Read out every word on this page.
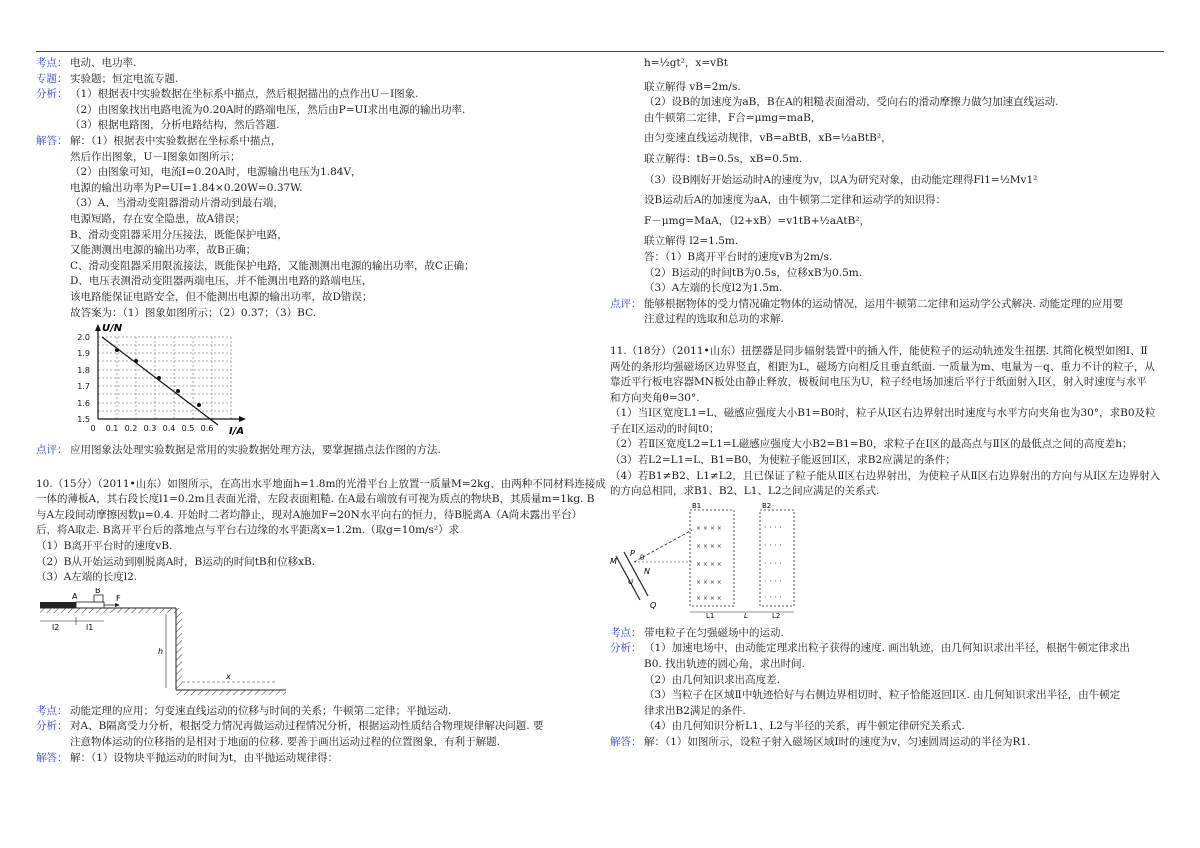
考点： 电动、电功率.
专题： 实验题；恒定电流专题.
分析： （1）根据表中实验数据在坐标系中描点，然后根据描出的点作出U－I图象.
（2）由图象找出电路电流为0.20A时的路端电压，然后由P=UI求出电源的输出功率.
（3）根据电路图，分析电路结构，然后答题.
解答： 解：（1）根据表中实验数据在坐标系中描点，
然后作出图象，U－I图象如图所示；
（2）由图象可知，电流I=0.20A时，电源输出电压为1.84V，
电源的输出功率为P=UI=1.84×0.20W=0.37W.
（3）A、当滑动变阻器滑动片滑动到最右端，
电源短路，存在安全隐患，故A错误；
B、滑动变阻器采用分压接法，既能保护电路，
又能测测出电源的输出功率，故B正确；
C、滑动变阻器采用限流接法，既能保护电路，又能测测出电源的输出功率，故C正确；
D、电压表测滑动变阻器两端电压，并不能测出电路的路端电压，
该电路能保证电路安全，但不能测出电源的输出功率，故D错误；
故答案为：（1）图象如图所示；（2）0.37；（3）BC.
U/N
I/A
2.0
1.9
1.8
1.7
1.6
1.5
0 0.1 0.2 0.3 0.4 0.5 0.6
点评： 应用图象法处理实验数据是常用的实验数据处理方法，要掌握描点法作图的方法.
10.（15分）（2011•山东）如图所示，在高出水平地面h=1.8m的光滑平台上放置一质量M=2kg、由两种不同材料连接成
一体的薄板A，其右段长度l1=0.2m且表面光滑，左段表面粗糙. 在A最右端放有可视为质点的物块B，其质量m=1kg. B
与A左段间动摩擦因数μ=0.4. 开始时二者均静止，现对A施加F=20N水平向右的恒力，待B脱离A（A尚未露出平台）
后，将A取走. B离开平台后的落地点与平台右边缘的水平距离x=1.2m.（取g=10m/s²）求
（1）B离开平台时的速度vB.
（2）B从开始运动到刚脱离A时，B运动的时间tB和位移xB.
（3）A左端的长度l2.
B
A	F
l2	l1
h
x
考点： 动能定理的应用；匀变速直线运动的位移与时间的关系；牛顿第二定律；平抛运动.
分析： 对A、B隔离受力分析，根据受力情况再做运动过程情况分析，根据运动性质结合物理规律解决问题. 要
注意物体运动的位移指的是相对于地面的位移. 要善于画出运动过程的位置图象，有利于解题.
解答： 解：（1）设物块平抛运动的时间为t，由平抛运动规律得：
h=½gt²，x=vBt
联立解得 vB=2m/s.
（2）设B的加速度为aB，B在A的粗糙表面滑动，受向右的滑动摩擦力做匀加速直线运动.
由牛顿第二定律，F合=μmg=maB，
由匀变速直线运动规律，vB=aBtB，xB=½aBtB²，
联立解得：tB=0.5s，xB=0.5m.
（3）设B刚好开始运动时A的速度为v，以A为研究对象，由动能定理得Fl1=½Mv1²
设B运动后A的加速度为aA，由牛顿第二定律和运动学的知识得：
F－μmg=MaA，（l2+xB）=v1tB+½aAtB²，
联立解得 l2=1.5m.
答：（1）B离开平台时的速度vB为2m/s.
（2）B运动的时间tB为0.5s，位移xB为0.5m.
（3）A左端的长度l2为1.5m.
点评： 能够根据物体的受力情况确定物体的运动情况，运用牛顿第二定律和运动学公式解决. 动能定理的应用要
注意过程的选取和总功的求解.
11.（18分）（2011•山东）扭摆器是同步辐射装置中的插入件，能使粒子的运动轨迹发生扭摆. 其简化模型如图Ⅰ、Ⅱ
两处的条形均强磁场区边界竖直，相距为L，磁场方向相反且垂直纸面. 一质量为m、电量为－q、重力不计的粒子，从
靠近平行板电容器MN板处由静止释放，极板间电压为U，粒子经电场加速后平行于纸面射入Ⅰ区，射入时速度与水平
和方向夹角θ=30°.
（1）当Ⅰ区宽度L1=L、磁感应强度大小B1=B0时，粒子从Ⅰ区右边界射出时速度与水平方向夹角也为30°，求B0及粒
子在Ⅰ区运动的时间t0；
（2）若Ⅱ区宽度L2=L1=L磁感应强度大小B2=B1=B0，求粒子在Ⅰ区的最高点与Ⅱ区的最低点之间的高度差h；
（3）若L2=L1=L、B1=B0，为使粒子能返回Ⅰ区，求B2应满足的条件；
（4）若B1≠B2、L1≠L2，且已保证了粒子能从Ⅱ区右边界射出，为使粒子从Ⅱ区右边界射出的方向与从Ⅰ区左边界射入
的方向总相同，求B1、B2、L1、L2之间应满足的关系式.
M
P
N
U
θ
Q
B1	B2
× × × ×
× × × ×
× × × ×
× × × ×
× × × ×
· · · ·
· · · ·
· · · ·
· · · ·
· · · ·
L1	L	L2
考点： 带电粒子在匀强磁场中的运动.
分析： （1）加速电场中，由动能定理求出粒子获得的速度. 画出轨迹，由几何知识求出半径，根据牛顿定律求出
B0. 找出轨迹的圆心角，求出时间.
（2）由几何知识求出高度差.
（3）当粒子在区域Ⅱ中轨迹恰好与右侧边界相切时，粒子恰能返回Ⅰ区. 由几何知识求出半径，由牛顿定
律求出B2满足的条件.
（4）由几何知识分析L1、L2与半径的关系，再牛顿定律研究关系式.
解答： 解：（1）如图所示，设粒子射入磁场区域Ⅰ时的速度为v，匀速圆周运动的半径为R1.
